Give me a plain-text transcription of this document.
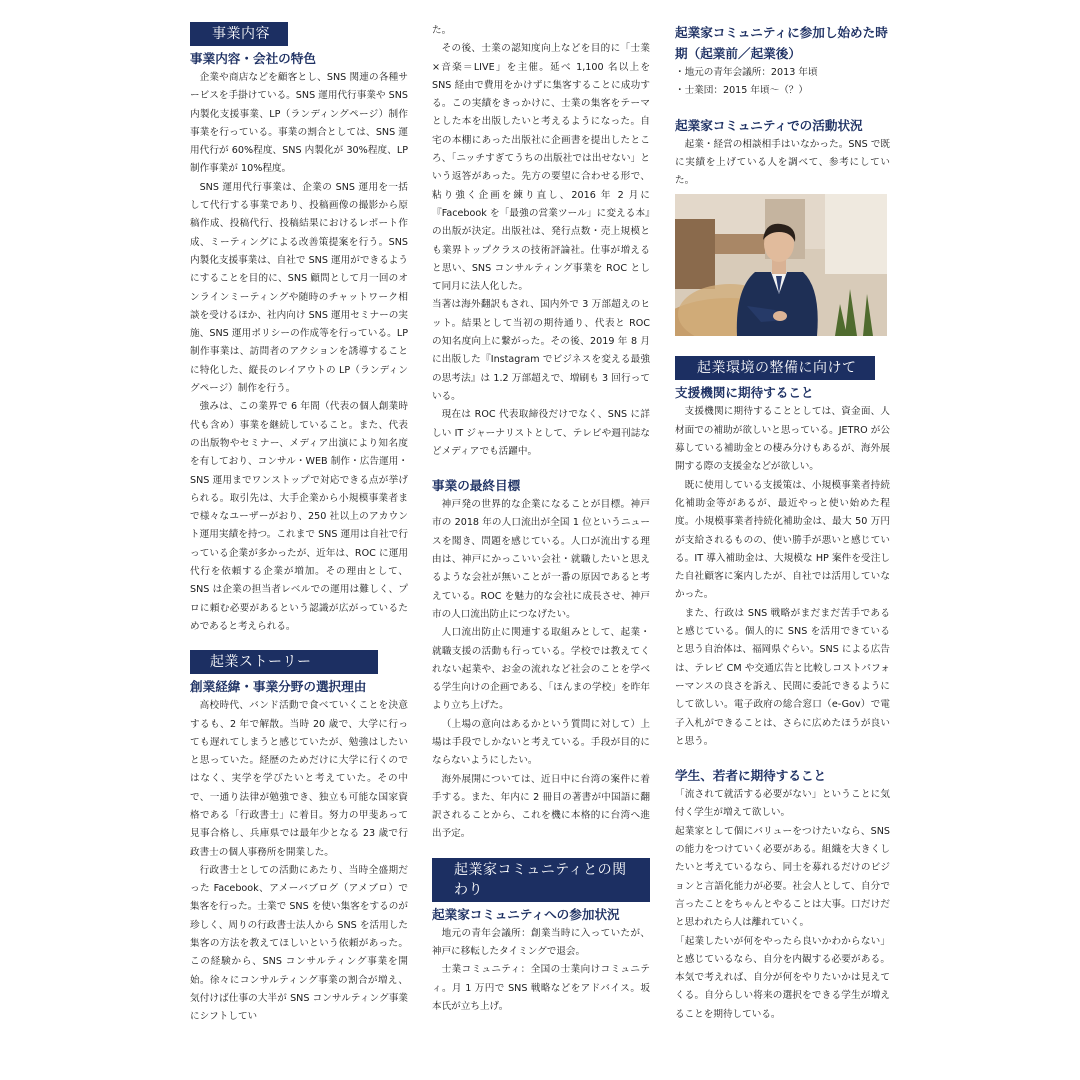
事業内容
事業内容・会社の特色

企業や商店などを顧客とし、SNS 関連の各種サービスを手掛けている。SNS 運用代行事業や SNS 内製化支援事業、LP（ランディングページ）制作事業を行っている。事業の割合としては、SNS 運用代行が 60%程度、SNS 内製化が 30%程度、LP 制作事業が 10%程度。

SNS 運用代行事業は、企業の SNS 運用を一括して代行する事業であり、投稿画像の撮影から原稿作成、投稿代行、投稿結果におけるレポート作成、ミーティングによる改善策提案を行う。SNS 内製化支援事業は、自社で SNS 運用ができるようにすることを目的に、SNS 顧問として月一回のオンラインミーティングや随時のチャットワーク相談を受けるほか、社内向け SNS 運用セミナーの実施、SNS 運用ポリシーの作成等を行っている。LP 制作事業は、訪問者のアクションを誘導することに特化した、縦長のレイアウトの LP（ランディングページ）制作を行う。

強みは、この業界で 6 年間（代表の個人創業時代も含め）事業を継続していること。また、代表の出版物やセミナー、メディア出演により知名度を有しており、コンサル・WEB 制作・広告運用・SNS 運用までワンストップで対応できる点が挙げられる。取引先は、大手企業から小規模事業者まで様々なユーザーがおり、250 社以上のアカウント運用実績を持つ。これまで SNS 運用は自社で行っている企業が多かったが、近年は、ROC に運用代行を依頼する企業が増加。その理由として、SNS は企業の担当者レベルでの運用は難しく、プロに頼む必要があるという認識が広がっているためであると考えられる。

起業ストーリー
創業経緯・事業分野の選択理由

高校時代、バンド活動で食べていくことを決意するも、2 年で解散。当時 20 歳で、大学に行っても遅れてしまうと感じていたが、勉強はしたいと思っていた。経歴のためだけに大学に行くのではなく、実学を学びたいと考えていた。その中で、一通り法律が勉強でき、独立も可能な国家資格である「行政書士」に着目。努力の甲斐あって見事合格し、兵庫県では最年少となる 23 歳で行政書士の個人事務所を開業した。

行政書士としての活動にあたり、当時全盛期だった Facebook、アメーバブログ（アメブロ）で集客を行った。士業で SNS を使い集客をするのが珍しく、周りの行政書士法人から SNS を活用した集客の方法を教えてほしいという依頼があった。この経験から、SNS コンサルティング事業を開始。徐々にコンサルティング事業の割合が増え、気付けば仕事の大半が SNS コンサルティング事業にシフトしてい

た。

その後、士業の認知度向上などを目的に「士業×音楽＝LIVE」を主催。延べ 1,100 名以上を SNS 経由で費用をかけずに集客することに成功する。この実績をきっかけに、士業の集客をテーマとした本を出版したいと考えるようになった。自宅の本棚にあった出版社に企画書を提出したところ、「ニッチすぎてうちの出版社では出せない」という返答があった。先方の要望に合わせる形で、粘り強く企画を練り直し、2016 年 2 月に『Facebook を「最強の営業ツール」に変える本』の出版が決定。出版社は、発行点数・売上規模とも業界トップクラスの技術評論社。仕事が増えると思い、SNS コンサルティング事業を ROC として同月に法人化した。

当著は海外翻訳もされ、国内外で 3 万部超えのヒット。結果として当初の期待通り、代表と ROC の知名度向上に繋がった。その後、2019 年 8 月に出版した『Instagram でビジネスを変える最強の思考法』は 1.2 万部超えで、増刷も 3 回行っている。

現在は ROC 代表取締役だけでなく、SNS に詳しい IT ジャーナリストとして、テレビや週刊誌などメディアでも活躍中。

事業の最終目標

神戸発の世界的な企業になることが目標。神戸市の 2018 年の人口流出が全国 1 位というニュースを聞き、問題を感じている。人口が流出する理由は、神戸にかっこいい会社・就職したいと思えるような会社が無いことが一番の原因であると考えている。ROC を魅力的な会社に成長させ、神戸市の人口流出防止につなげたい。

人口流出防止に関連する取組みとして、起業・就職支援の活動も行っている。学校では教えてくれない起業や、お金の流れなど社会のことを学べる学生向けの企画である、「ほんまの学校」を昨年より立ち上げた。

（上場の意向はあるかという質問に対して）上場は手段でしかないと考えている。手段が目的にならないようにしたい。

海外展開については、近日中に台湾の案件に着手する。また、年内に 2 冊目の著書が中国語に翻訳されることから、これを機に本格的に台湾へ進出予定。

起業家コミュニティとの関わり
起業家コミュニティへの参加状況

地元の青年会議所：創業当時に入っていたが、神戸に移転したタイミングで退会。

士業コミュニティ：全国の士業向けコミュニティ。月 1 万円で SNS 戦略などをアドバイス。坂本氏が立ち上げ。

起業家コミュニティに参加し始めた時期（起業前／起業後）

・地元の青年会議所：2013 年頃

・士業団：2015 年頃〜（？）

起業家コミュニティでの活動状況

起業・経営の相談相手はいなかった。SNS で既に実績を上げている人を調べて、参考にしていた。

起業環境の整備に向けて
支援機関に期待すること

支援機関に期待することとしては、資金面、人材面での補助が欲しいと思っている。JETRO が公募している補助金との棲み分けもあるが、海外展開する際の支援金などが欲しい。

既に使用している支援策は、小規模事業者持続化補助金等があるが、最近やっと使い始めた程度。小規模事業者持続化補助金は、最大 50 万円が支給されるものの、使い勝手が悪いと感じている。IT 導入補助金は、大規模な HP 案件を受注した自社顧客に案内したが、自社では活用していなかった。

また、行政は SNS 戦略がまだまだ苦手であると感じている。個人的に SNS を活用できていると思う自治体は、福岡県ぐらい。SNS による広告は、テレビ CM や交通広告と比較しコストパフォーマンスの良さを訴え、民間に委託できるようにして欲しい。電子政府の総合窓口（e-Gov）で電子入札ができることは、さらに広めたほうが良いと思う。

学生、若者に期待すること

「流されて就活する必要がない」ということに気付く学生が増えて欲しい。

起業家として個にバリューをつけたいなら、SNS の能力をつけていく必要がある。組織を大きくしたいと考えているなら、同士を募れるだけのビジョンと言語化能力が必要。社会人として、自分で言ったことをちゃんとやることは大事。口だけだと思われたら人は離れていく。

「起業したいが何をやったら良いかわからない」と感じているなら、自分を内観する必要がある。本気で考えれば、自分が何をやりたいかは見えてくる。自分らしい将来の選択をできる学生が増えることを期待している。
